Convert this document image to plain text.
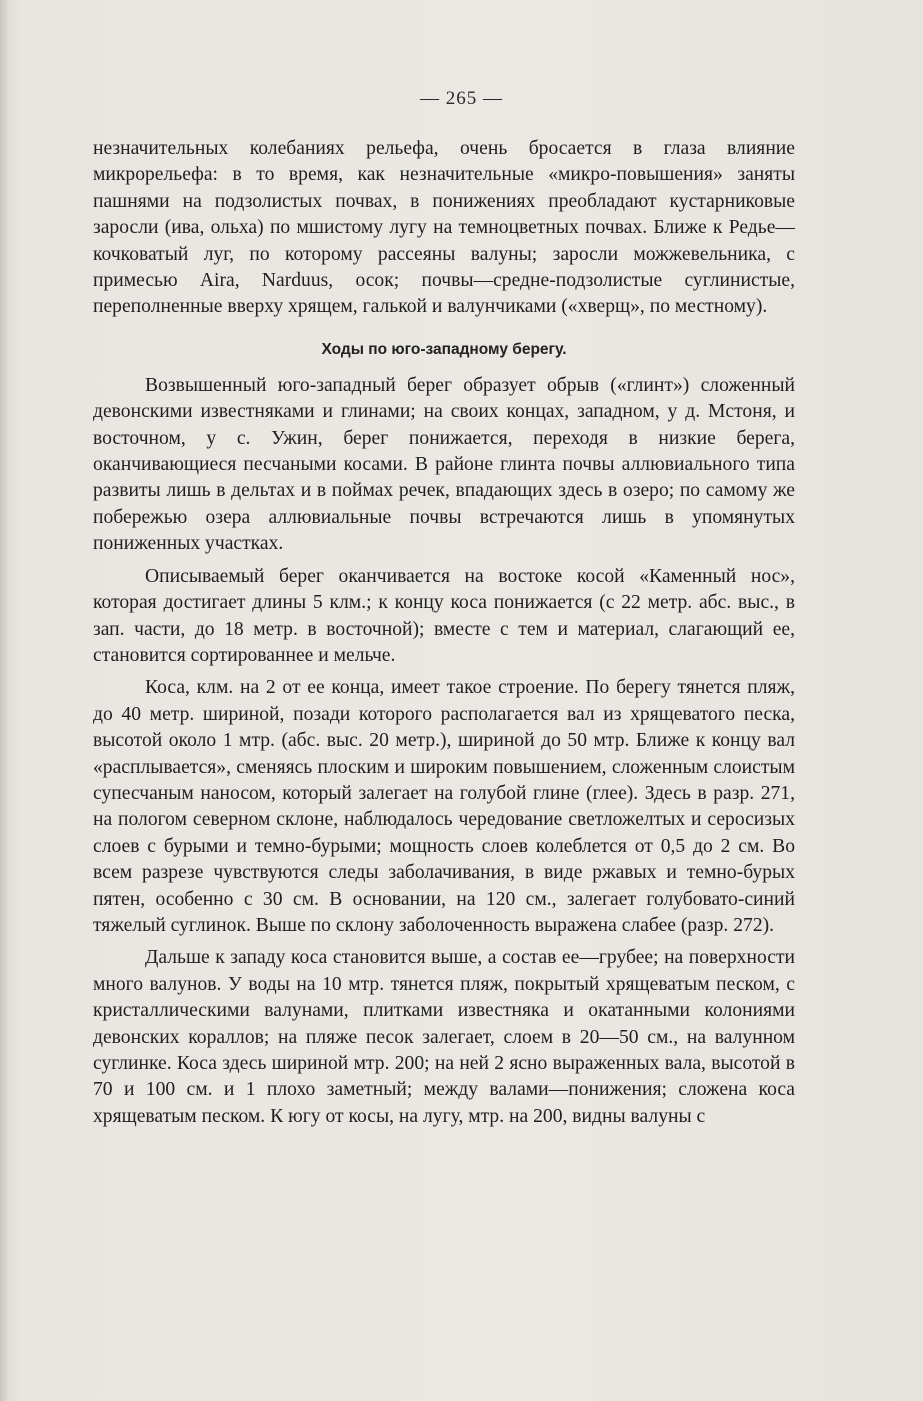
— 265 —

незначительных колебаниях рельефа, очень бросается в глаза влияние микрорельефа: в то время, как незначительные «микро-повышения» заняты пашнями на подзолистых почвах, в понижениях преобладают кустарниковые заросли (ива, ольха) по мшистому лугу на темноцветных почвах. Ближе к Редье—кочковатый луг, по которому рассеяны валуны; заросли можжевельника, с примесью Aira, Narduus, осок; почвы—средне-подзолистые суглинистые, переполненные вверху хрящем, галькой и валунчиками («хверщ», по местному).

Ходы по юго-западному берегу.

Возвышенный юго-западный берег образует обрыв («глинт») сложенный девонскими известняками и глинами; на своих концах, западном, у д. Мстоня, и восточном, у с. Ужин, берег понижается, переходя в низкие берега, оканчивающиеся песчаными косами. В районе глинта почвы аллювиального типа развиты лишь в дельтах и в поймах речек, впадающих здесь в озеро; по самому же побережью озера аллювиальные почвы встречаются лишь в упомянутых пониженных участках.

Описываемый берег оканчивается на востоке косой «Каменный нос», которая достигает длины 5 клм.; к концу коса понижается (с 22 метр. абс. выс., в зап. части, до 18 метр. в восточной); вместе с тем и материал, слагающий ее, становится сортированнее и мельче.

Коса, клм. на 2 от ее конца, имеет такое строение. По берегу тянется пляж, до 40 метр. шириной, позади которого располагается вал из хрящеватого песка, высотой около 1 мтр. (абс. выс. 20 метр.), шириной до 50 мтр. Ближе к концу вал «расплывается», сменяясь плоским и широким повышением, сложенным слоистым супесчаным наносом, который залегает на голубой глине (глее). Здесь в разр. 271, на пологом северном склоне, наблюдалось чередование светложелтых и серосизых слоев с бурыми и темно-бурыми; мощность слоев колеблется от 0,5 до 2 см. Во всем разрезе чувствуются следы заболачивания, в виде ржавых и темно-бурых пятен, особенно с 30 см. В основании, на 120 см., залегает голубовато-синий тяжелый суглинок. Выше по склону заболоченность выражена слабее (разр. 272).

Дальше к западу коса становится выше, а состав ее—грубее; на поверхности много валунов. У воды на 10 мтр. тянется пляж, покрытый хрящеватым песком, с кристаллическими валунами, плитками известняка и окатанными колониями девонских кораллов; на пляже песок залегает, слоем в 20—50 см., на валунном суглинке. Коса здесь шириной мтр. 200; на ней 2 ясно выраженных вала, высотой в 70 и 100 см. и 1 плохо заметный; между валами—понижения; сложена коса хрящеватым песком. К югу от косы, на лугу, мтр. на 200, видны валуны с
